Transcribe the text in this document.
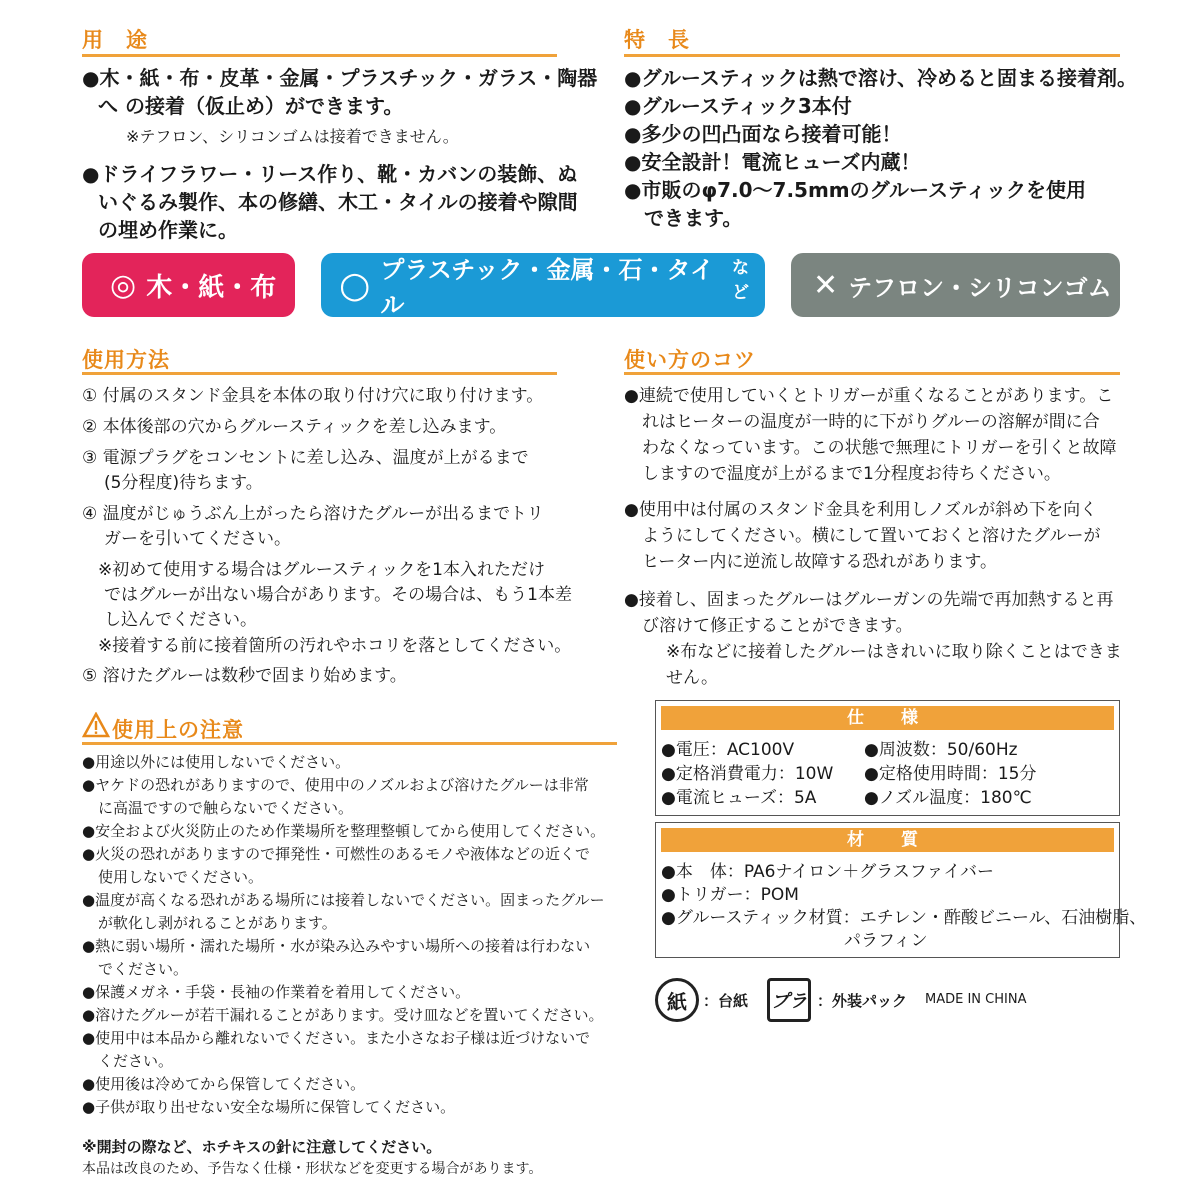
用　途
●木・紙・布・皮革・金属・プラスチック・ガラス・陶器
へ の接着（仮止め）ができます。
※テフロン、シリコンゴムは接着できません。
●ドライフラワー・リース作り、靴・カバンの装飾、ぬ
いぐるみ製作、本の修繕、木工・タイルの接着や隙間
の埋め作業に。
特　長
●グルースティックは熱で溶け、冷めると固まる接着剤。
●グルースティック3本付
●多少の凹凸面なら接着可能！
●安全設計！電流ヒューズ内蔵！
●市販のφ7.0〜7.5mmのグルースティックを使用
できます。
◎ 木・紙・布 ○ プラスチック・金属・石・タイル
など	✕ テフロン・シリコンゴム
使用方法
① 付属のスタンド金具を本体の取り付け穴に取り付けます。
② 本体後部の穴からグルースティックを差し込みます。
③ 電源プラグをコンセントに差し込み、温度が上がるまで
(5分程度)待ちます。
④ 温度がじゅうぶん上がったら溶けたグルーが出るまでトリ
ガーを引いてください。
※初めて使用する場合はグルースティックを1本入れただけ
ではグルーが出ない場合があります。その場合は、もう1本差
し込んでください。
※接着する前に接着箇所の汚れやホコリを落としてください。
⑤ 溶けたグルーは数秒で固まり始めます。
使い方のコツ
●連続で使用していくとトリガーが重くなることがあります。こ
れはヒーターの温度が一時的に下がりグルーの溶解が間に合
わなくなっています。この状態で無理にトリガーを引くと故障
しますので温度が上がるまで1分程度お待ちください。
●使用中は付属のスタンド金具を利用しノズルが斜め下を向く
ようにしてください。横にして置いておくと溶けたグルーが
ヒーター内に逆流し故障する恐れがあります。
●接着し、固まったグルーはグルーガンの先端で再加熱すると再
び溶けて修正することができます。
※布などに接着したグルーはきれいに取り除くことはできま
せん。
使用上の注意
●用途以外には使用しないでください。
●ヤケドの恐れがありますので、使用中のノズルおよび溶けたグルーは非常
に高温ですので触らないでください。
●安全および火災防止のため作業場所を整理整頓してから使用してください。
●火災の恐れがありますので揮発性・可燃性のあるモノや液体などの近くで
使用しないでください。
●温度が高くなる恐れがある場所には接着しないでください。固まったグルー
が軟化し剥がれることがあります。
●熱に弱い場所・濡れた場所・水が染み込みやすい場所への接着は行わない
でください。
●保護メガネ・手袋・長袖の作業着を着用してください。
●溶けたグルーが若干漏れることがあります。受け皿などを置いてください。
●使用中は本品から離れないでください。また小さなお子様は近づけないで
ください。
●使用後は冷めてから保管してください。
●子供が取り出せない安全な場所に保管してください。
仕　様
●電圧：AC100V
●定格消費電力：10W
●電流ヒューズ：5A
●周波数：50/60Hz
●定格使用時間：15分
●ノズル温度：180℃
材　質
●本　体：PA6ナイロン＋グラスファイバー
●トリガー：POM
●グルースティック材質：エチレン・酢酸ビニール、石油樹脂、
パラフィン
紙 ：台紙 プラ ：外装パック MADE IN CHINA
※開封の際など、ホチキスの針に注意してください。
本品は改良のため、予告なく仕様・形状などを変更する場合があります。
